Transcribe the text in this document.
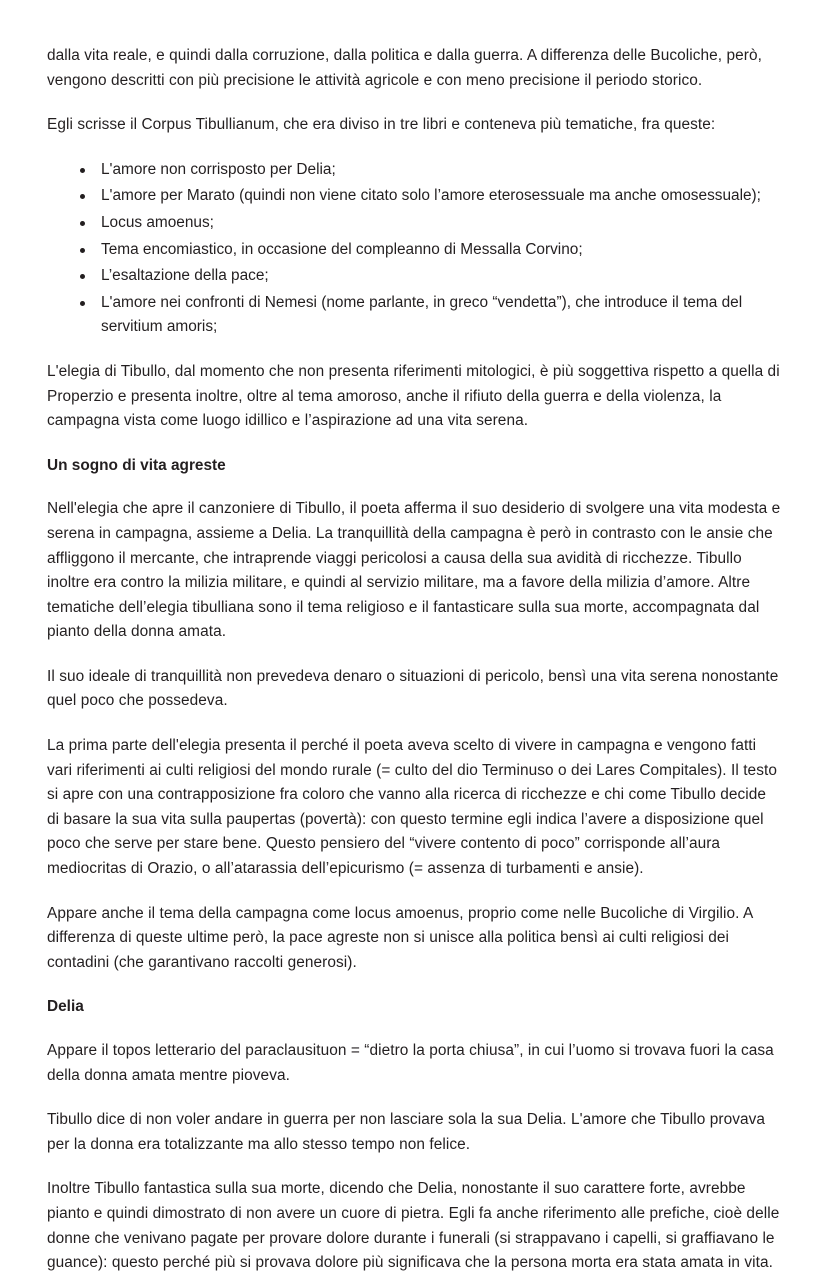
dalla vita reale, e quindi dalla corruzione, dalla politica e dalla guerra. A differenza delle Bucoliche, però, vengono descritti con più precisione le attività agricole e con meno precisione il periodo storico.

Egli scrisse il Corpus Tibullianum, che era diviso in tre libri e conteneva più tematiche, fra queste:

L'amore non corrisposto per Delia;
L'amore per Marato (quindi non viene citato solo l’amore eterosessuale ma anche omosessuale);
Locus amoenus;
Tema encomiastico, in occasione del compleanno di Messalla Corvino;
L’esaltazione della pace;
L'amore nei confronti di Nemesi (nome parlante, in greco “vendetta”), che introduce il tema del servitium amoris;

L'elegia di Tibullo, dal momento che non presenta riferimenti mitologici, è più soggettiva rispetto a quella di Properzio e presenta inoltre, oltre al tema amoroso, anche il rifiuto della guerra e della violenza, la campagna vista come luogo idillico e l’aspirazione ad una vita serena.

Un sogno di vita agreste

Nell'elegia che apre il canzoniere di Tibullo, il poeta afferma il suo desiderio di svolgere una vita modesta e serena in campagna, assieme a Delia. La tranquillità della campagna è però in contrasto con le ansie che affliggono il mercante, che intraprende viaggi pericolosi a causa della sua avidità di ricchezze. Tibullo inoltre era contro la milizia militare, e quindi al servizio militare, ma a favore della milizia d’amore. Altre tematiche dell’elegia tibulliana sono il tema religioso e il fantasticare sulla sua morte, accompagnata dal pianto della donna amata.

Il suo ideale di tranquillità non prevedeva denaro o situazioni di pericolo, bensì una vita serena nonostante quel poco che possedeva.

La prima parte dell'elegia presenta il perché il poeta aveva scelto di vivere in campagna e vengono fatti vari riferimenti ai culti religiosi del mondo rurale (= culto del dio Terminuso o dei Lares Compitales). Il testo si apre con una contrapposizione fra coloro che vanno alla ricerca di ricchezze e chi come Tibullo decide di basare la sua vita sulla paupertas (povertà): con questo termine egli indica l’avere a disposizione quel poco che serve per stare bene. Questo pensiero del “vivere contento di poco” corrisponde all’aura mediocritas di Orazio, o all’atarassia dell’epicurismo (= assenza di turbamenti e ansie).

Appare anche il tema della campagna come locus amoenus, proprio come nelle Bucoliche di Virgilio. A differenza di queste ultime però, la pace agreste non si unisce alla politica bensì ai culti religiosi dei contadini (che garantivano raccolti generosi).

Delia

Appare il topos letterario del paraclausituon = “dietro la porta chiusa”, in cui l’uomo si trovava fuori la casa della donna amata mentre pioveva.

Tibullo dice di non voler andare in guerra per non lasciare sola la sua Delia. L'amore che Tibullo provava per la donna era totalizzante ma allo stesso tempo non felice.

Inoltre Tibullo fantastica sulla sua morte, dicendo che Delia, nonostante il suo carattere forte, avrebbe pianto e quindi dimostrato di non avere un cuore di pietra. Egli fa anche riferimento alle prefiche, cioè delle donne che venivano pagate per provare dolore durante i funerali (si strappavano i capelli, si graffiavano le guance): questo perché più si provava dolore più significava che la persona morta era stata amata in vita.
